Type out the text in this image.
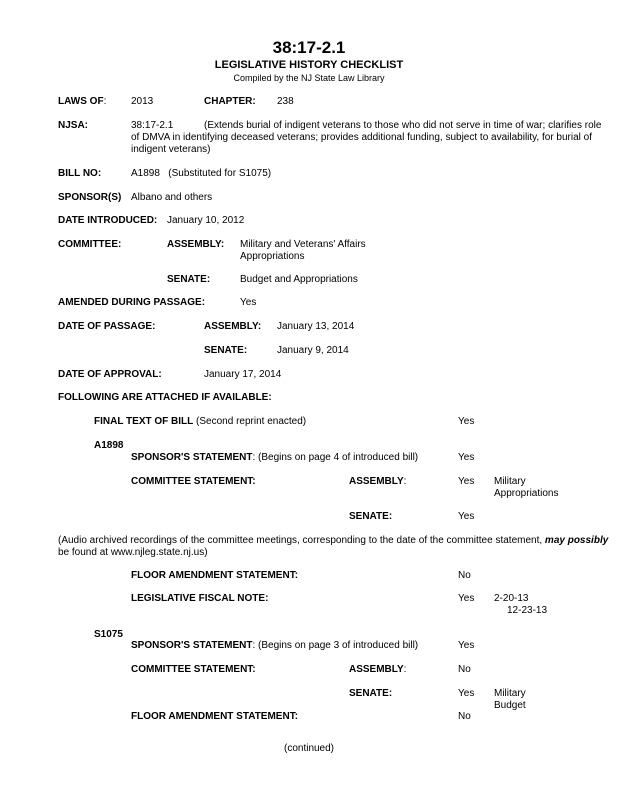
38:17-2.1
LEGISLATIVE HISTORY CHECKLIST
Compiled by the NJ State Law Library
LAWS OF: 2013	CHAPTER: 238
NJSA:	38:17-2.1	(Extends burial of indigent veterans to those who did not serve in time of war; clarifies role
of DMVA in identifying deceased veterans; provides additional funding, subject to availability, for burial of
indigent veterans)
BILL NO:	A1898   (Substituted for S1075)
SPONSOR(S) Albano and others
DATE INTRODUCED: January 10, 2012
COMMITTEE:	ASSEMBLY: Military and Veterans' Affairs
Appropriations
SENATE:	Budget and Appropriations
AMENDED DURING PASSAGE:	Yes
DATE OF PASSAGE:	ASSEMBLY: January 13, 2014
SENATE:	January 9, 2014
DATE OF APPROVAL:	January 17, 2014
FOLLOWING ARE ATTACHED IF AVAILABLE:
FINAL TEXT OF BILL (Second reprint enacted)	Yes
A1898
SPONSOR'S STATEMENT: (Begins on page 4 of introduced bill)	Yes
COMMITTEE STATEMENT:	ASSEMBLY:	Yes Military
Appropriations
SENATE:	Yes
(Audio archived recordings of the committee meetings, corresponding to the date of the committee statement, may possibly
be found at www.njleg.state.nj.us)
FLOOR AMENDMENT STATEMENT:	No
LEGISLATIVE FISCAL NOTE:	Yes 2-20-13
12-23-13
S1075
SPONSOR'S STATEMENT: (Begins on page 3 of introduced bill)	Yes
COMMITTEE STATEMENT:	ASSEMBLY:	No
SENATE:	Yes Military
Budget
FLOOR AMENDMENT STATEMENT:	No
(continued)
